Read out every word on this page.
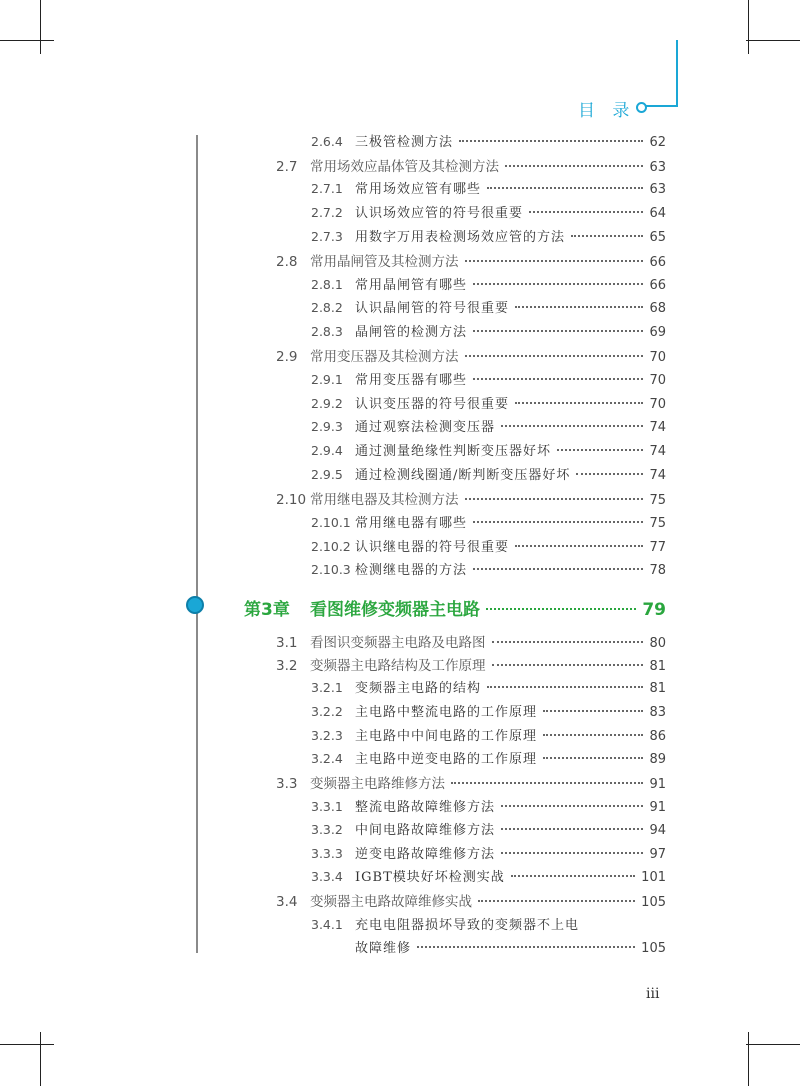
目 录
2.6.4 三极管检测方法	62
2.7 常用场效应晶体管及其检测方法	63
2.7.1 常用场效应管有哪些	63
2.7.2 认识场效应管的符号很重要	64
2.7.3 用数字万用表检测场效应管的方法	65
2.8 常用晶闸管及其检测方法	66
2.8.1 常用晶闸管有哪些	66
2.8.2 认识晶闸管的符号很重要	68
2.8.3 晶闸管的检测方法	69
2.9 常用变压器及其检测方法	70
2.9.1 常用变压器有哪些	70
2.9.2 认识变压器的符号很重要	70
2.9.3 通过观察法检测变压器	74
2.9.4 通过测量绝缘性判断变压器好坏	74
2.9.5 通过检测线圈通/断判断变压器好坏	74
2.10 常用继电器及其检测方法	75
2.10.1 常用继电器有哪些	75
2.10.2 认识继电器的符号很重要	77
2.10.3 检测继电器的方法	78
第3章	看图维修变频器主电路	79
3.1 看图识变频器主电路及电路图	80
3.2 变频器主电路结构及工作原理	81
3.2.1 变频器主电路的结构	81
3.2.2 主电路中整流电路的工作原理	83
3.2.3 主电路中中间电路的工作原理	86
3.2.4 主电路中逆变电路的工作原理	89
3.3 变频器主电路维修方法	91
3.3.1 整流电路故障维修方法	91
3.3.2 中间电路故障维修方法	94
3.3.3 逆变电路故障维修方法	97
3.3.4 IGBT模块好坏检测实战	101
3.4 变频器主电路故障维修实战	105
3.4.1 充电电阻器损坏导致的变频器不上电
故障维修	105
iii
